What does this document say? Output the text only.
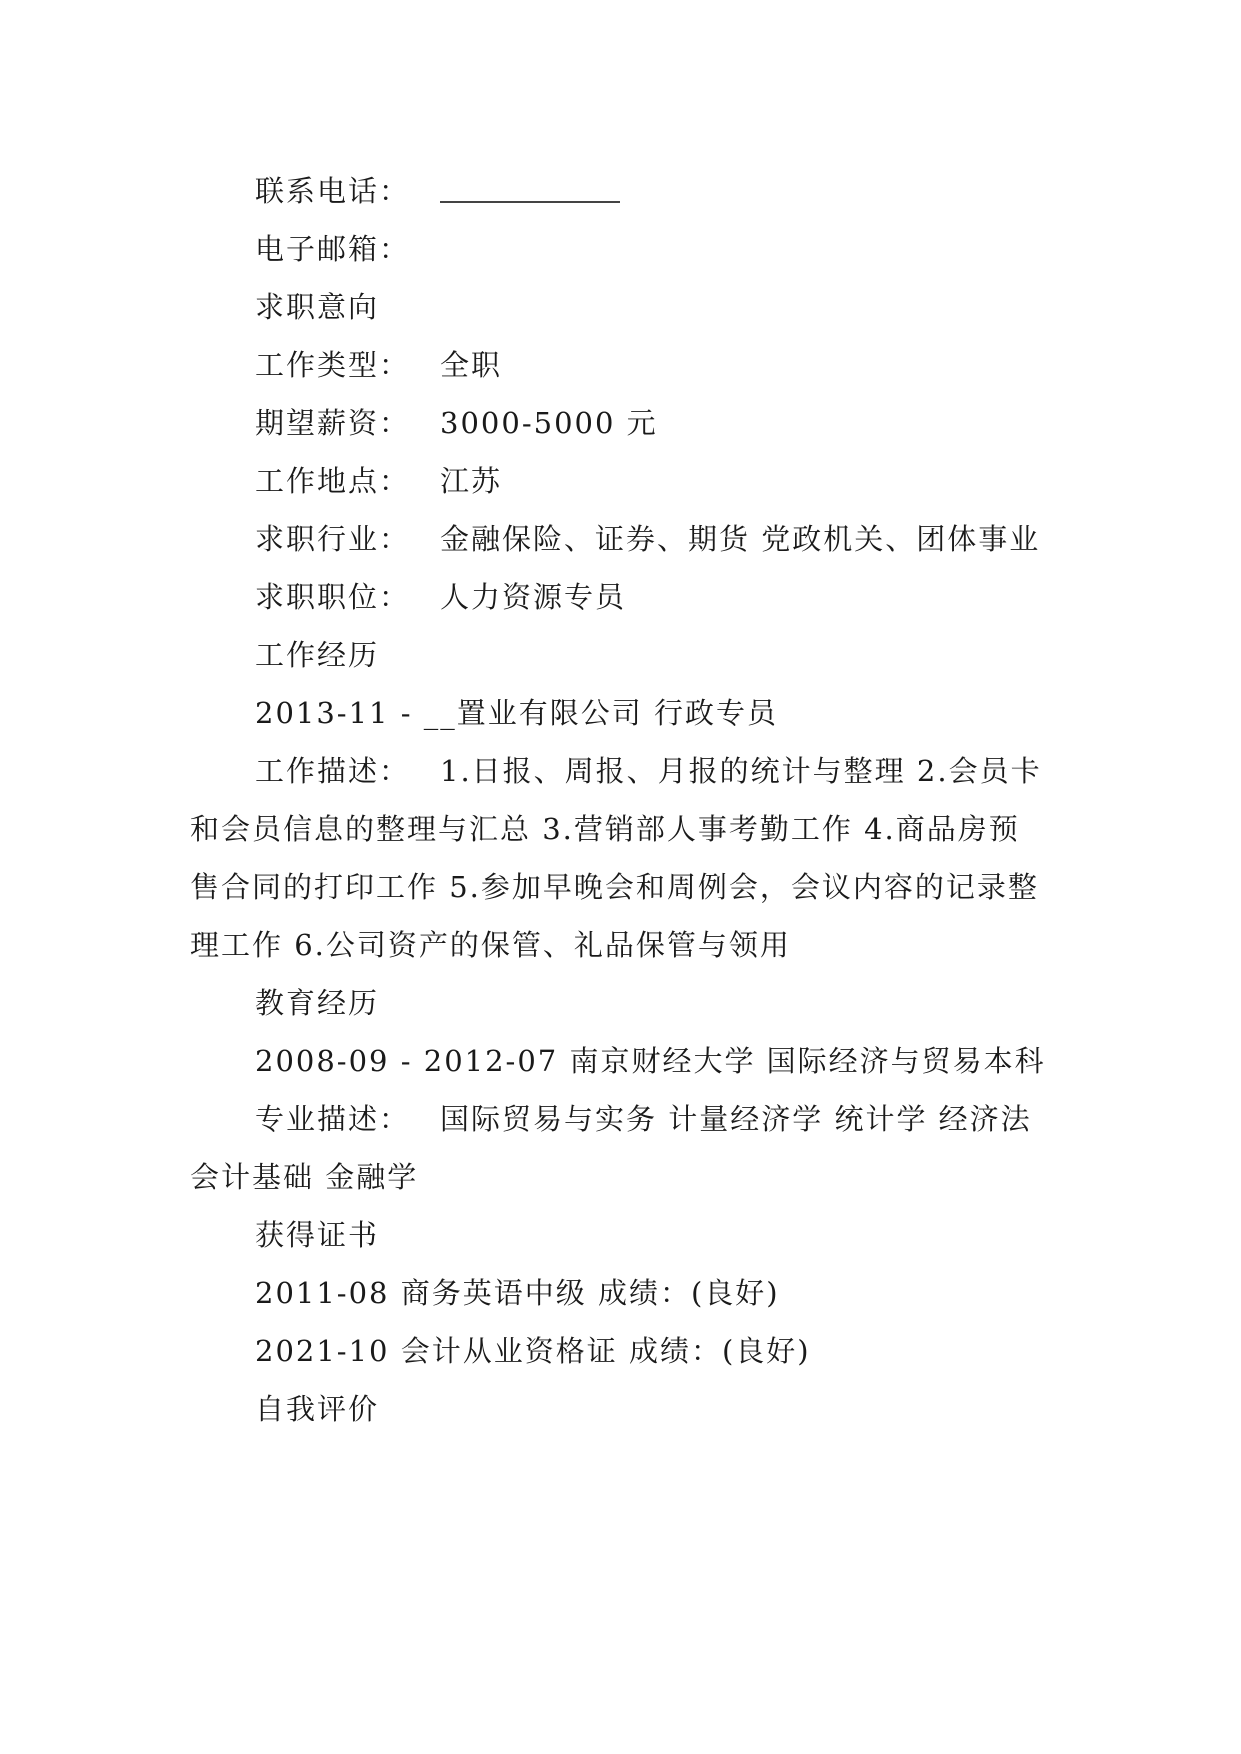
联系电话：
电子邮箱：
求职意向
工作类型： 全职
期望薪资： 3000-5000 元
工作地点： 江苏
求职行业： 金融保险、证券、期货 党政机关、团体事业
求职职位： 人力资源专员
工作经历
2013-11 - __置业有限公司 行政专员
工作描述： 1.日报、周报、月报的统计与整理 2.会员卡和会员信息的整理与汇总 3.营销部人事考勤工作 4.商品房预售合同的打印工作 5.参加早晚会和周例会，会议内容的记录整理工作 6.公司资产的保管、礼品保管与领用
教育经历
2008-09 - 2012-07 南京财经大学 国际经济与贸易本科
专业描述： 国际贸易与实务 计量经济学 统计学 经济法 会计基础 金融学
获得证书
2011-08 商务英语中级 成绩：(良好)
2021-10 会计从业资格证 成绩：(良好)
自我评价
